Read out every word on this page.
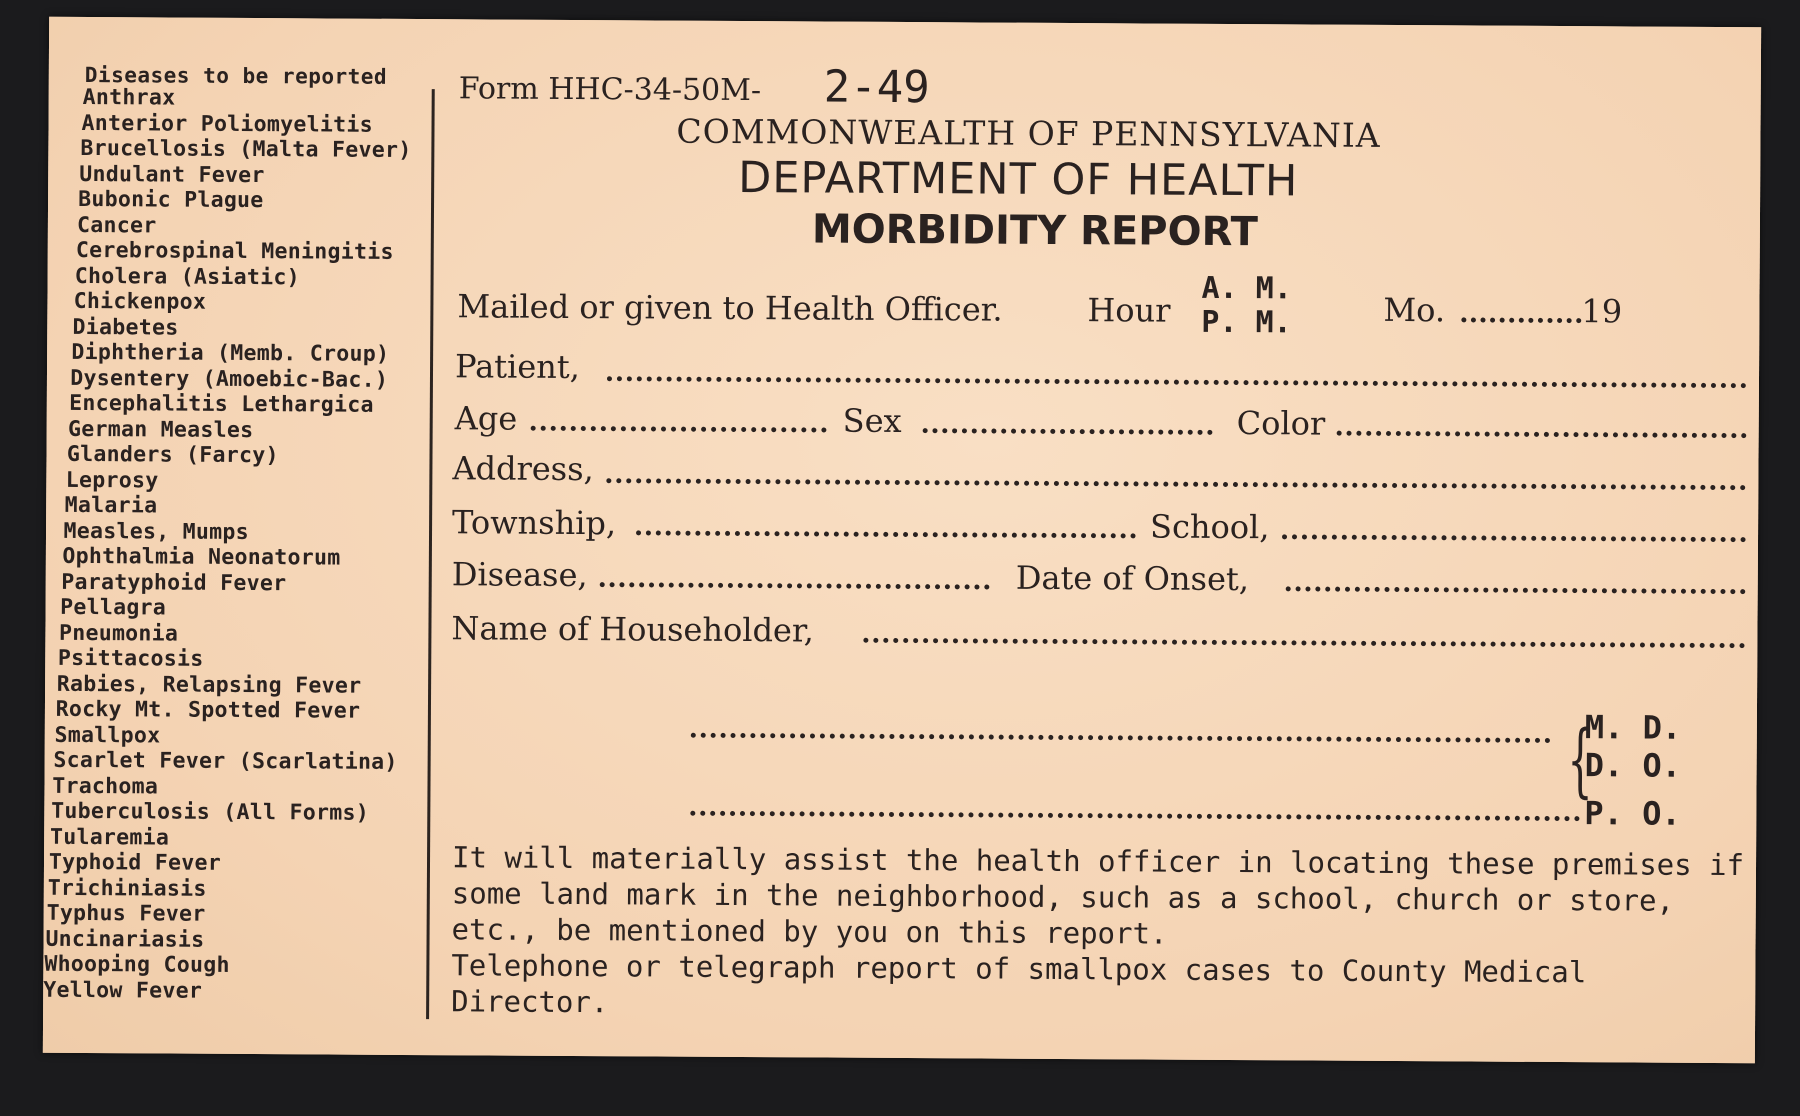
Diseases to be reported
Anthrax
Anterior Poliomyelitis
Brucellosis (Malta Fever)
Undulant Fever
Bubonic Plague
Cancer
Cerebrospinal Meningitis
Cholera (Asiatic)
Chickenpox
Diabetes
Diphtheria (Memb. Croup)
Dysentery (Amoebic-Bac.)
Encephalitis Lethargica
German Measles
Glanders (Farcy)
Leprosy
Malaria
Measles, Mumps
Ophthalmia Neonatorum
Paratyphoid Fever
Pellagra
Pneumonia
Psittacosis
Rabies, Relapsing Fever
Rocky Mt. Spotted Fever
Smallpox
Scarlet Fever (Scarlatina)
Trachoma
Tuberculosis (All Forms)
Tularemia
Typhoid Fever
Trichiniasis
Typhus Fever
Uncinariasis
Whooping Cough
Yellow Fever
Form HHC-34-50M- 2-49
COMMONWEALTH OF PENNSYLVANIA
DEPARTMENT OF HEALTH
MORBIDITY REPORT
Mailed or given to Health Officer.	Hour
A. M.
P. M.	Mo.	19
Patient,
Age	Sex	Color
Address,
Township,	School,
Disease,	Date of Onset,
Name of Householder,
{
M. D.
D. O.
P. O.

It will materially assist the health officer in locating these premises if some land mark in the neighborhood, such as a school, church or store, etc., be mentioned by you on this report.

Telephone or telegraph report of smallpox cases to County Medical Director.
